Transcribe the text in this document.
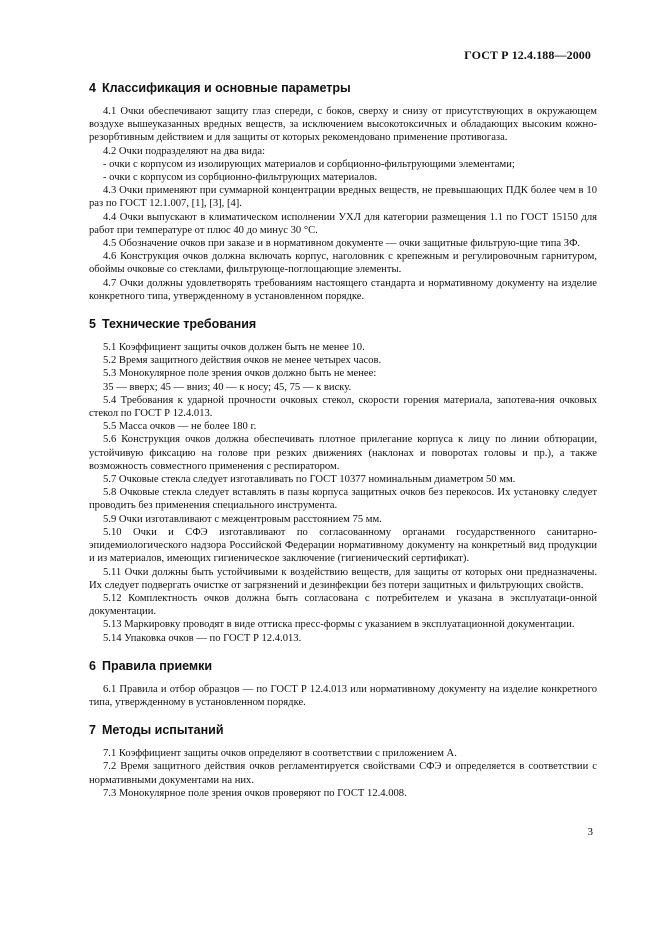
ГОСТ Р 12.4.188—2000
4 Классификация и основные параметры

4.1 Очки обеспечивают защиту глаз спереди, с боков, сверху и снизу от присутствующих в окружающем воздухе вышеуказанных вредных веществ, за исключением высокотоксичных и обладающих высоким кожно-резорбтивным действием и для защиты от которых рекомендовано применение противогаза.

4.2 Очки подразделяют на два вида:

- очки с корпусом из изолирующих материалов и сорбционно-фильтрующими элементами;

- очки с корпусом из сорбционно-фильтрующих материалов.

4.3 Очки применяют при суммарной концентрации вредных веществ, не превышающих ПДК более чем в 10 раз по ГОСТ 12.1.007, [1], [3], [4].

4.4 Очки выпускают в климатическом исполнении УХЛ для категории размещения 1.1 по ГОСТ 15150 для работ при температуре от плюс 40 до минус 30 °С.

4.5 Обозначение очков при заказе и в нормативном документе — очки защитные фильтрую-щие типа ЗФ.

4.6 Конструкция очков должна включать корпус, наголовник с крепежным и регулировочным гарнитуром, обоймы очковые со стеклами, фильтрующе-поглощающие элементы.

4.7 Очки должны удовлетворять требованиям настоящего стандарта и нормативному документу на изделие конкретного типа, утвержденному в установленном порядке.

5 Технические требования

5.1 Коэффициент защиты очков должен быть не менее 10.

5.2 Время защитного действия очков не менее четырех часов.

5.3 Монокулярное поле зрения очков должно быть не менее:

35 — вверх; 45 — вниз; 40 — к носу; 45, 75 — к виску.

5.4 Требования к ударной прочности очковых стекол, скорости горения материала, запотева-ния очковых стекол по ГОСТ Р 12.4.013.

5.5 Масса очков — не более 180 г.

5.6 Конструкция очков должна обеспечивать плотное прилегание корпуса к лицу по линии обтюрации, устойчивую фиксацию на голове при резких движениях (наклонах и поворотах головы и пр.), а также возможность совместного применения с респиратором.

5.7 Очковые стекла следует изготавливать по ГОСТ 10377 номинальным диаметром 50 мм.

5.8 Очковые стекла следует вставлять в пазы корпуса защитных очков без перекосов. Их установку следует проводить без применения специального инструмента.

5.9 Очки изготавливают с межцентровым расстоянием 75 мм.

5.10 Очки и СФЭ изготавливают по согласованному органами государственного санитарно-эпидемиологического надзора Российской Федерации нормативному документу на конкретный вид продукции и из материалов, имеющих гигиеническое заключение (гигиенический сертификат).

5.11 Очки должны быть устойчивыми к воздействию веществ, для защиты от которых они предназначены. Их следует подвергать очистке от загрязнений и дезинфекции без потери защитных и фильтрующих свойств.

5.12 Комплектность очков должна быть согласована с потребителем и указана в эксплуатаци-онной документации.

5.13 Маркировку проводят в виде оттиска пресс-формы с указанием в эксплуатационной документации.

5.14 Упаковка очков — по ГОСТ Р 12.4.013.

6 Правила приемки

6.1 Правила и отбор образцов — по ГОСТ Р 12.4.013 или нормативному документу на изделие конкретного типа, утвержденному в установленном порядке.

7 Методы испытаний

7.1 Коэффициент защиты очков определяют в соответствии с приложением А.

7.2 Время защитного действия очков регламентируется свойствами СФЭ и определяется в соответствии с нормативными документами на них.

7.3 Монокулярное поле зрения очков проверяют по ГОСТ 12.4.008.

3
